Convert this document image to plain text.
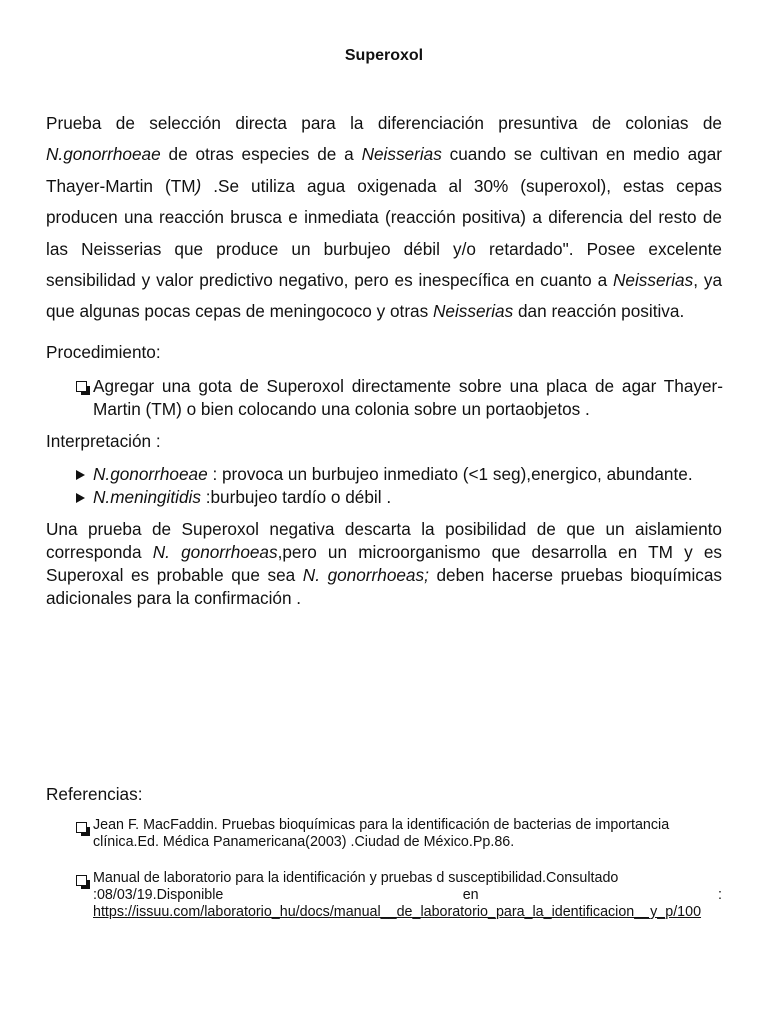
Superoxol

Prueba de selección directa para la diferenciación presuntiva de colonias de N.gonorrhoeae de otras especies de a Neisserias cuando se cultivan en medio agar Thayer-Martin (TM) .Se utiliza agua oxigenada al 30% (superoxol), estas cepas producen una reacción brusca e inmediata (reacción positiva) a diferencia del resto de las Neisserias que produce un burbujeo débil y/o retardado". Posee excelente sensibilidad y valor predictivo negativo, pero es inespecífica en cuanto a Neisserias, ya que algunas pocas cepas de meningococo y otras Neisserias dan reacción positiva.

Procedimiento:
Agregar una gota de Superoxol directamente sobre una placa de agar Thayer-Martin (TM) o bien colocando una colonia sobre un portaobjetos .
Interpretación :
N.gonorrhoeae : provoca un burbujeo inmediato (<1 seg),energico, abundante.
N.meningitidis :burbujeo tardío o débil .

Una prueba de Superoxol negativa descarta la posibilidad de que un aislamiento corresponda N. gonorrhoeas,pero un microorganismo que desarrolla en TM y es Superoxal es probable que sea N. gonorrhoeas; deben hacerse pruebas bioquímicas adicionales para la confirmación .

Referencias:
Jean F. MacFaddin. Pruebas bioquímicas para la identificación de bacterias de importancia clínica.Ed. Médica Panamericana(2003) .Ciudad de México.Pp.86.
Manual de laboratorio para la identificación y pruebas d susceptibilidad.Consultado
:08/03/19.Disponible	en	:
https://issuu.com/laboratorio_hu/docs/manual__de_laboratorio_para_la_identificacion__y_p/100
